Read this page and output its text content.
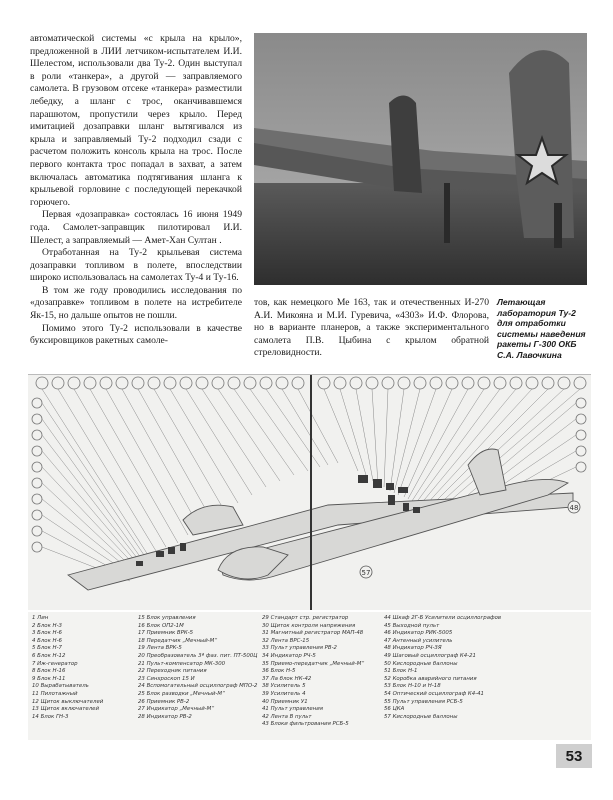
автоматической системы «с крыла на крыло», предложенной в ЛИИ летчиком-испытателем И.И. Шелестом, использовали два Ту-2. Один выступал в роли «танкера», а другой — заправляемого самолета. В грузовом отсеке «танкера» разместили лебедку, а шланг с трос, оканчивавшемся парашютом, пропустили через крыло. Перед имитацией дозаправки шланг вытягивался из крыла и заправляемый Ту-2 подходил сзади с расчетом положить консоль крыла на трос. После первого контакта трос попадал в захват, а затем включалась автоматика подтягивания шланга к крыльевой горловине с последующей перекачкой горючего.

Первая «дозаправка» состоялась 16 июня 1949 года. Самолет-заправщик пилотировал И.И. Шелест, а заправляемый — Амет-Хан Султан .

Отработанная на Ту-2 крыльевая система дозаправки топливом в полете, впоследствии широко использовалась на самолетах Ту-4 и Ту-16.

В том же году проводились исследования по «дозаправке» топливом в полете на истребителе Як-15, но дальше опытов не пошли.

Помимо этого Ту-2 использовали в качестве буксировщиков ракетных самоле-

тов, как немецкого Ме 163, так и отечественных И-270 А.И. Микояна и М.И. Гуревича, «4303» И.Ф. Флорова, но в варианте планеров, а также экспериментального самолета П.В. Цыбина с крылом обратной стреловидности.
Летающая лаборатория Ту-2 для отработки системы наведения ракеты Г-300 ОКБ С.А. Лавочкина
57
48
1 Лин
2 Блок Н-3
3 Блок Н-6
4 Блок Н-6
5 Блок Н-7
6 Блок Н-12
7 Иж-генератор
8 Блок Н-16
9 Блок Н-11
10 Вырабатыватель
11 Пилотажный
12 Щиток выключателей
13 Щиток включателей
14 Блок ГН-3
15 Блок управления
16 Блок ОП2-1М
17 Приемник ВРК-5
18 Передатчик „Мечный-М“
19 Лента ВРК-5
20 Преобразователь 3ª фаз. пит. ПТ-500Ц
21 Пульт-компенсатор МК-300
22 Переходник питания
23 Синхроскоп 15 И
24 Вспомогательный осциллограф МПО-2
25 Блок разводки „Мечный-М“
26 Приемник РВ-2
27 Индикатор „Мечный-М“
28 Индикатор РВ-2
29 Стандарт стр. регистратор
30 Щиток контроля напряжения
31 Магнитный регистратор МАП-48
32 Лента ВРС-15
33 Пульт управления РВ-2
34 Индикатор РЧ-5
35 Приемо-передатчик „Мечный-М“
36 Блок Н-5
37 Ла блок НК-42
38 Усилитель 5
39 Усилитель 4
40 Приемник У1
41 Пульт управления
42 Лента В пульт
43 Блоки фильтрования РСБ-5
44 Шкаф 2Г-Б Усилители осциллографов
45 Выходной пульт
46 Индикатор РИК-5005
47 Антенный усилитель
48 Индикатор РЧ-3Я
49 Шаговый осциллограф К4-21
50 Кислородные баллоны
51 Блок Н-1
52 Коробка аварийного питания
53 Блок Н-10 и Н-18
54 Оптический осциллограф К4-41
55 Пульт управления РСБ-5
56 ЦКА
57 Кислородные баллоны
53
